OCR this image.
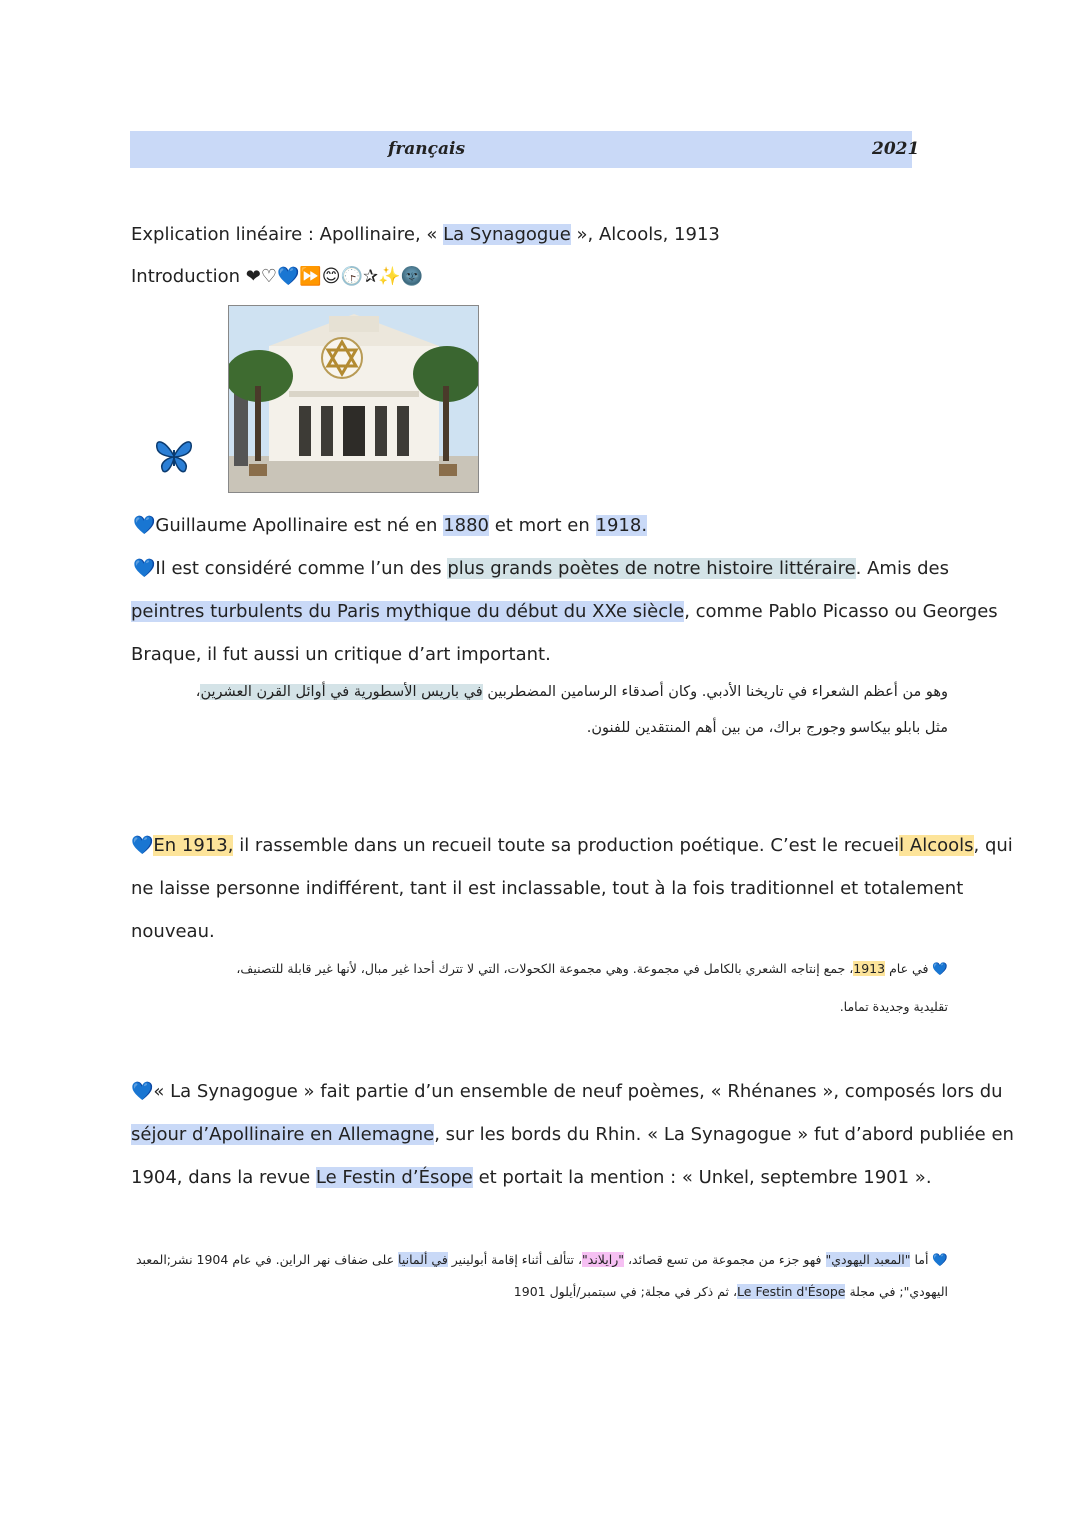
français	2021
Explication linéaire : Apollinaire, « La Synagogue », Alcools, 1913
Introduction ❤♡💙⏩😊🕞✰✨🌚
💙Guillaume Apollinaire est né en 1880 et mort en 1918.
💙Il est considéré comme l’un des plus grands poètes de notre histoire littéraire. Amis des
peintres turbulents du Paris mythique du début du XXe siècle, comme Pablo Picasso ou Georges
Braque, il fut aussi un critique d’art important.
وهو من أعظم الشعراء في تاريخنا الأدبي. وكان أصدقاء الرسامين المضطربين في باريس الأسطورية في أوائل القرن العشرين،
مثل بابلو بيكاسو وجورج براك، من بين أهم المنتقدين للفنون.
💙En 1913, il rassemble dans un recueil toute sa production poétique. C’est le recueil Alcools, qui
ne laisse personne indifférent, tant il est inclassable, tout à la fois traditionnel et totalement
nouveau.
💙 في عام 1913، جمع إنتاجه الشعري بالكامل في مجموعة. وهي مجموعة الكحولات، التي لا تترك أحدا غير مبال، لأنها غير قابلة للتصنيف،
تقليدية وجديدة تماما.
💙« La Synagogue » fait partie d’un ensemble de neuf poèmes, « Rhénanes », composés lors du
séjour d’Apollinaire en Allemagne, sur les bords du Rhin. « La Synagogue » fut d’abord publiée en
1904, dans la revue Le Festin d’Ésope et portait la mention : « Unkel, septembre 1901 ».
💙 أما "المعبد اليهودي" فهو جزء من مجموعة من تسع قصائد، "رايلاند"، تتألف أثناء إقامة أبولينير في ألمانيا على ضفاف نهر الراين. في عام 1904 نشر;المعبد
اليهودي"; في مجلة Le Festin d'Ésope، ثم ذكر في مجلة; في سبتمبر/أيلول 1901
